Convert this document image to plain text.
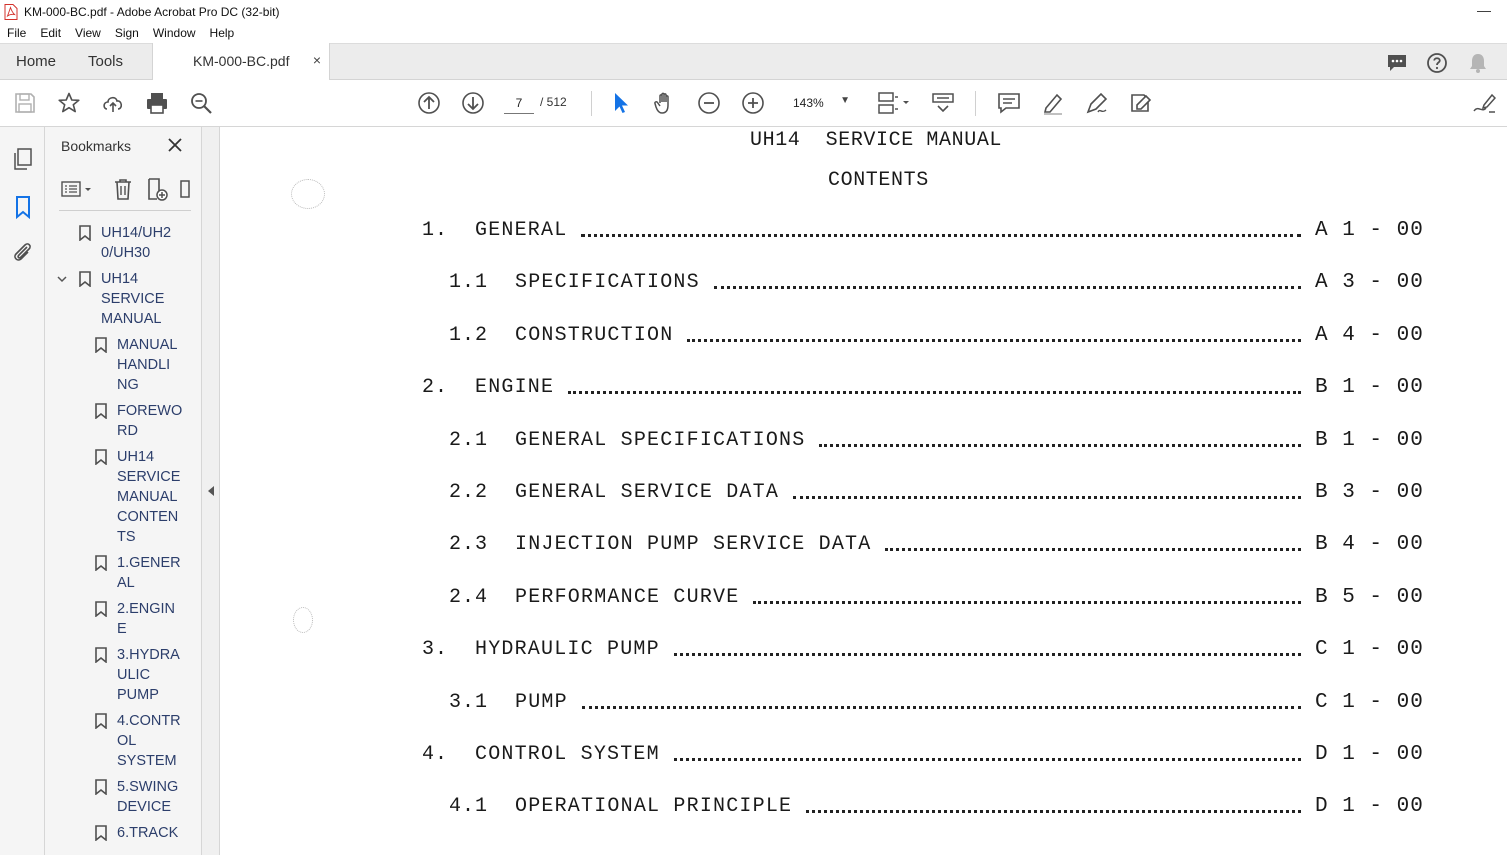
KM-000-BC.pdf - Adobe Acrobat Pro DC (32-bit)	—
File Edit View Sign Window Help
Home Tools	KM-000-BC.pdf ×
7
/ 512	143% ▼
Bookmarks
UH14/UH2
0/UH30
UH14
SERVICE
MANUAL
MANUAL
HANDLI
NG
FOREWO
RD
UH14
SERVICE
MANUAL
CONTEN
TS
1.GENER
AL
2.ENGIN
E
3.HYDRA
ULIC
PUMP
4.CONTR
OL
SYSTEM
5.SWING
DEVICE
6.TRACK
UH14  SERVICE MANUAL
CONTENTS
1. GENERAL	A 1 - 00
1.1 SPECIFICATIONS	A 3 - 00
1.2 CONSTRUCTION	A 4 - 00
2. ENGINE	B 1 - 00
2.1 GENERAL SPECIFICATIONS	B 1 - 00
2.2 GENERAL SERVICE DATA	B 3 - 00
2.3 INJECTION PUMP SERVICE DATA	B 4 - 00
2.4 PERFORMANCE CURVE	B 5 - 00
3. HYDRAULIC PUMP	C 1 - 00
3.1 PUMP	C 1 - 00
4. CONTROL SYSTEM	D 1 - 00
4.1 OPERATIONAL PRINCIPLE	D 1 - 00
